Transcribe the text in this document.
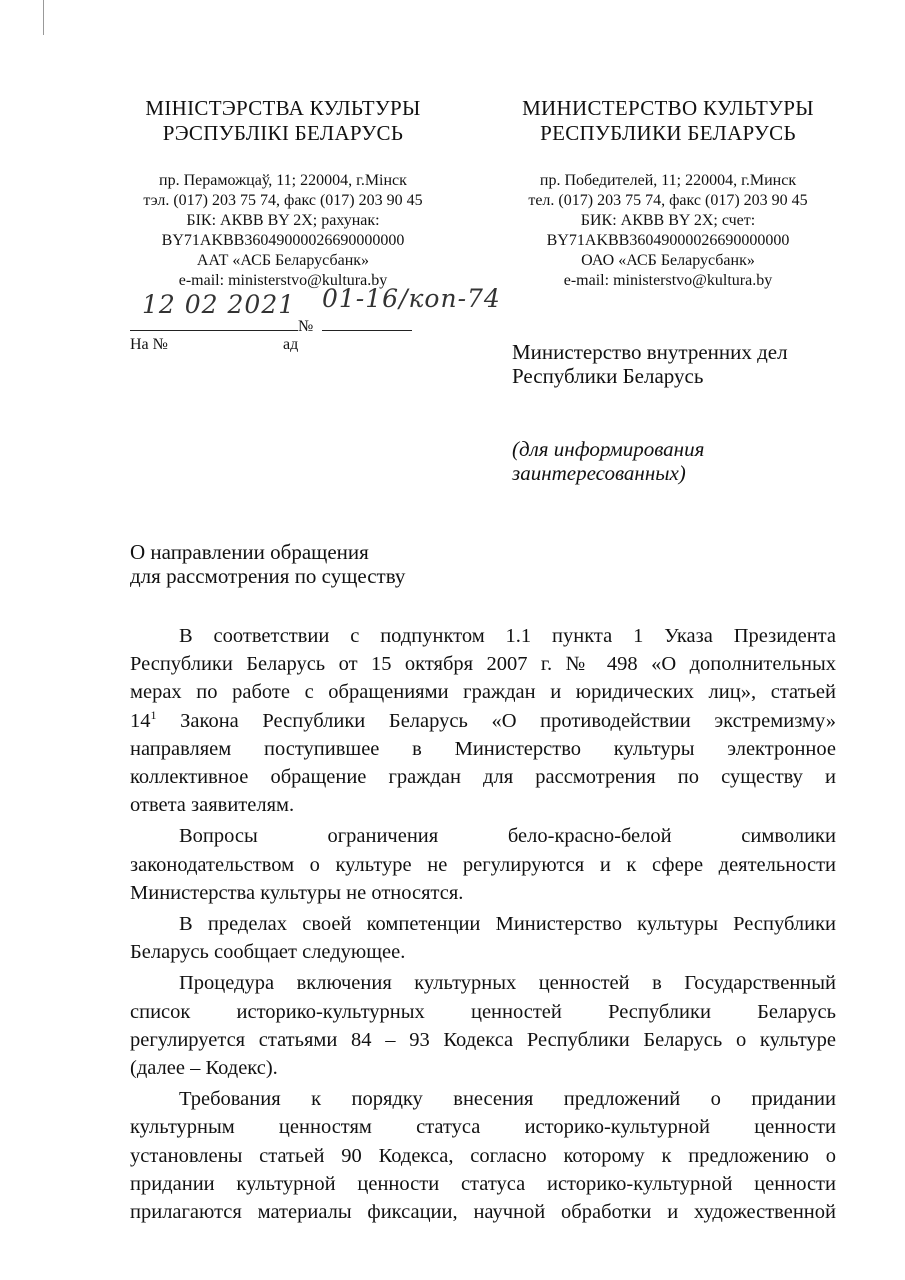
МІНІСТЭРСТВА КУЛЬТУРЫ
РЭСПУБЛІКІ БЕЛАРУСЬ
пр. Пераможцаў, 11; 220004, г.Мінск
тэл. (017) 203 75 74, факс (017) 203 90 45
БІК: АКВВ BY 2X; рахунак:
BY71AKBB36049000026690000000
ААТ «АСБ Беларусбанк»
e-mail: ministerstvo@kultura.by
МИНИСТЕРСТВО КУЛЬТУРЫ
РЕСПУБЛИКИ БЕЛАРУСЬ
пр. Победителей, 11; 220004, г.Минск
тел. (017) 203 75 74, факс (017) 203 90 45
БИК: АКВВ BY 2X; счет:
BY71AKBB36049000026690000000
ОАО «АСБ Беларусбанк»
e-mail: ministerstvo@kultura.by
12 02 2021
№
01-16/коп-74
На №	ад	Министерство внутренних дел
Республики Беларусь
(для информирования
заинтересованных)
О направлении обращения
для рассмотрения по существу
В соответствии с подпунктом 1.1 пункта 1 Указа Президента
Республики Беларусь от 15 октября 2007 г. № 498 «О дополнительных
мерах по работе с обращениями граждан и юридических лиц», статьей
$14^1$ Закона Республики Беларусь «О противодействии экстремизму»
направляем поступившее в Министерство культуры электронное
коллективное обращение граждан для рассмотрения по существу и
ответа заявителям.
Вопросы ограничения бело-красно-белой символики
законодательством о культуре не регулируются и к сфере деятельности
Министерства культуры не относятся.
В пределах своей компетенции Министерство культуры Республики
Беларусь сообщает следующее.
Процедура включения культурных ценностей в Государственный
список историко-культурных ценностей Республики Беларусь
регулируется статьями 84 – 93 Кодекса Республики Беларусь о культуре
(далее – Кодекс).
Требования к порядку внесения предложений о придании
культурным ценностям статуса историко-культурной ценности
установлены статьей 90 Кодекса, согласно которому к предложению о
придании культурной ценности статуса историко-культурной ценности
прилагаются материалы фиксации, научной обработки и художественной
